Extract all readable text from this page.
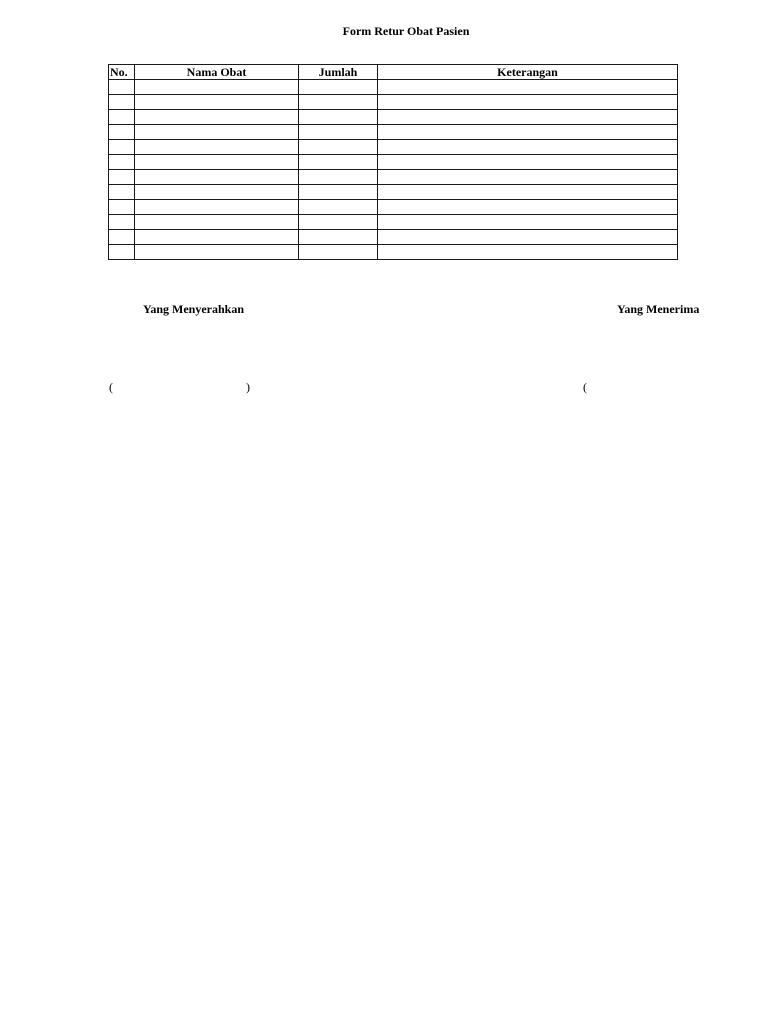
Form Retur Obat Pasien
No.	Nama Obat	Jumlah	Keterangan

Yang Menyerahkan	Yang Menerima
(	)	(
